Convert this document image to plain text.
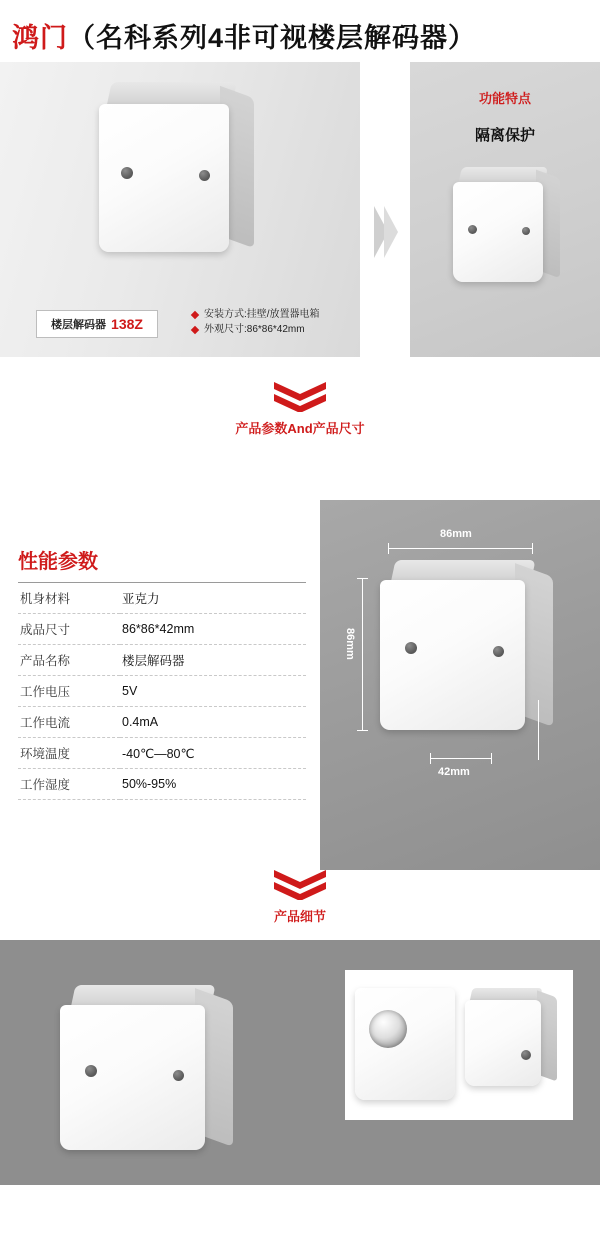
鸿门（名科系列4非可视楼层解码器）
功能特点
隔离保护
楼层解码器 138Z
安装方式:挂壁/放置器电箱
外观尺寸:86*86*42mm
产品参数And产品尺寸
86mm
86mm
42mm
性能参数
机身材料	亚克力
成品尺寸	86*86*42mm
产品名称	楼层解码器
工作电压	5V
工作电流	0.4mA
环境温度	-40℃—80℃
工作湿度	50%-95%
产品细节
